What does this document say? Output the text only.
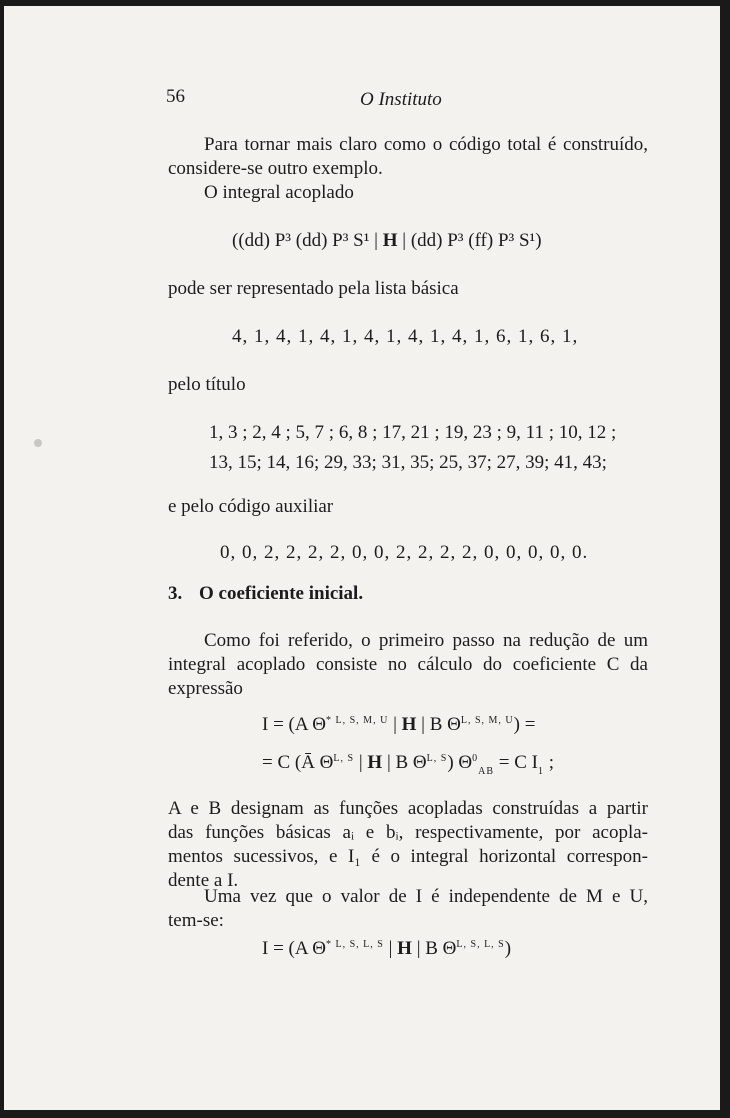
56	O Instituto
Para tornar mais claro como o código total é construído,
considere-se outro exemplo.
O integral acoplado
((dd) P³ (dd) P³ S¹ | H | (dd) P³ (ff) P³ S¹)
pode ser representado pela lista básica
4, 1, 4, 1, 4, 1, 4, 1, 4, 1, 4, 1, 6, 1, 6, 1,
pelo título
1, 3 ; 2, 4 ; 5, 7 ; 6, 8 ; 17, 21 ; 19, 23 ; 9, 11 ; 10, 12 ;
13, 15; 14, 16; 29, 33; 31, 35; 25, 37; 27, 39; 41, 43;
e pelo código auxiliar
0, 0, 2, 2, 2, 2, 0, 0, 2, 2, 2, 2, 0, 0, 0, 0, 0.
3. O coeficiente inicial.
Como foi referido, o primeiro passo na redução de um
integral acoplado consiste no cálculo do coeficiente C da
expressão
I = (A $\Theta^{* L, S, M, U}$ | H | B $\Theta^{L, S, M, U}$) =
= C (Ā $\Theta^{L, S}$ | H | B $\Theta^{L, S}$) $\Theta^0_{AB} = C$ $I_1$ ;
A e B designam as funções acopladas construídas a partir
das funções básicas aᵢ e bᵢ, respectivamente, por acopla-
mentos sucessivos, e I₁ é o integral horizontal correspon-
dente a I.
Uma vez que o valor de I é independente de M e U,
tem-se:
I = (A $\Theta^{* L, S, L, S}$ | H | B $\Theta^{L, S, L, S}$)
